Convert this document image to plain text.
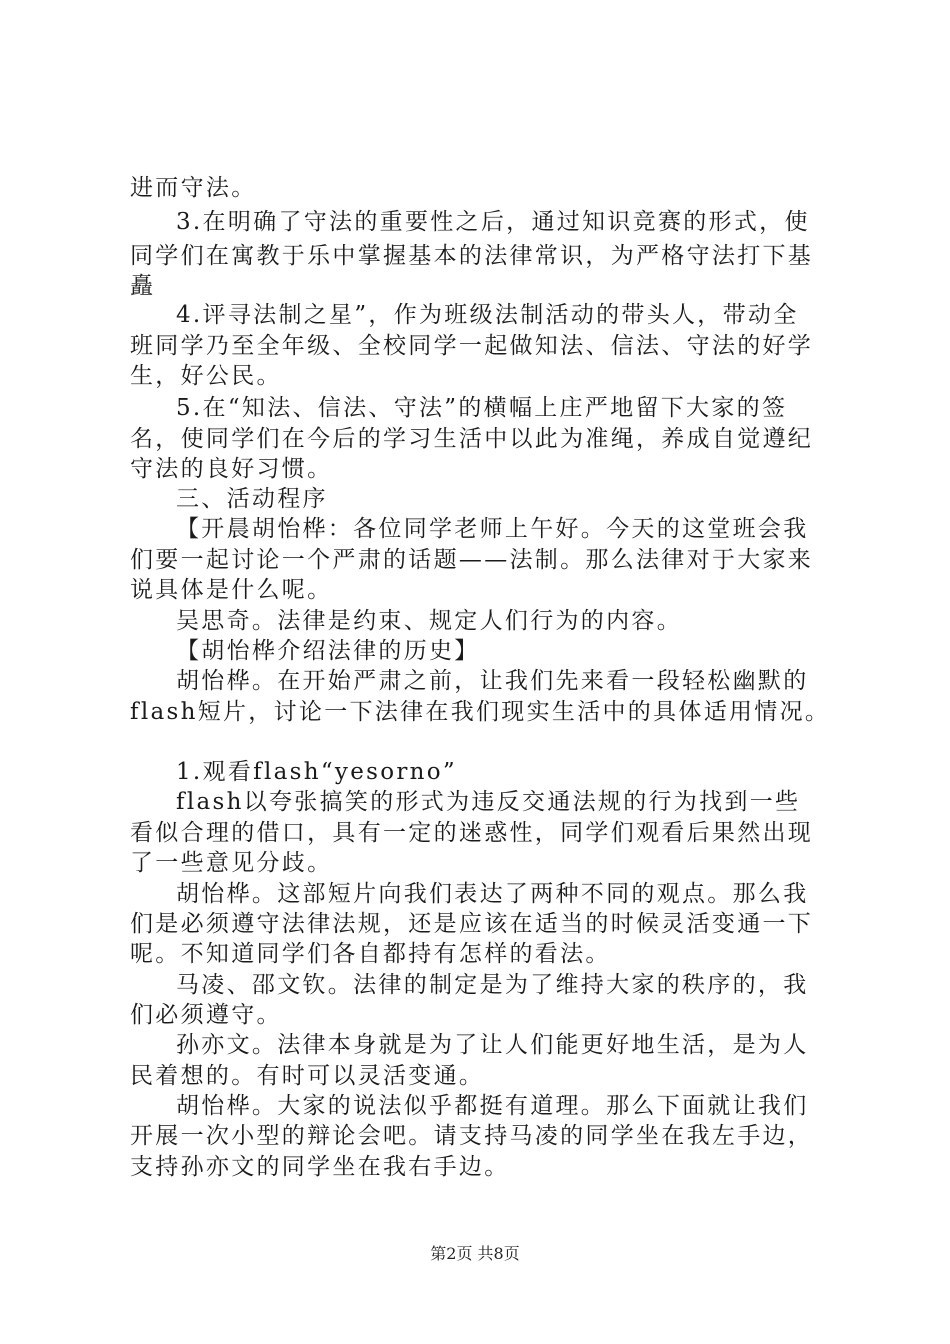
进而守法。
3.在明确了守法的重要性之后，通过知识竞赛的形式，使
同学们在寓教于乐中掌握基本的法律常识，为严格守法打下基
矗
4.评寻法制之星”，作为班级法制活动的带头人，带动全
班同学乃至全年级、全校同学一起做知法、信法、守法的好学
生，好公民。
5.在“知法、信法、守法”的横幅上庄严地留下大家的签
名，使同学们在今后的学习生活中以此为准绳，养成自觉遵纪
守法的良好习惯。
三、活动程序
【开晨胡怡桦：各位同学老师上午好。今天的这堂班会我
们要一起讨论一个严肃的话题——法制。那么法律对于大家来
说具体是什么呢。
吴思奇。法律是约束、规定人们行为的内容。
【胡怡桦介绍法律的历史】
胡怡桦。在开始严肃之前，让我们先来看一段轻松幽默的
flash短片，讨论一下法律在我们现实生活中的具体适用情况。
1.观看flash“yesorno”
flash以夸张搞笑的形式为违反交通法规的行为找到一些
看似合理的借口，具有一定的迷惑性，同学们观看后果然出现
了一些意见分歧。
胡怡桦。这部短片向我们表达了两种不同的观点。那么我
们是必须遵守法律法规，还是应该在适当的时候灵活变通一下
呢。不知道同学们各自都持有怎样的看法。
马凌、邵文钦。法律的制定是为了维持大家的秩序的，我
们必须遵守。
孙亦文。法律本身就是为了让人们能更好地生活，是为人
民着想的。有时可以灵活变通。
胡怡桦。大家的说法似乎都挺有道理。那么下面就让我们
开展一次小型的辩论会吧。请支持马凌的同学坐在我左手边，
支持孙亦文的同学坐在我右手边。
第2页 共8页
